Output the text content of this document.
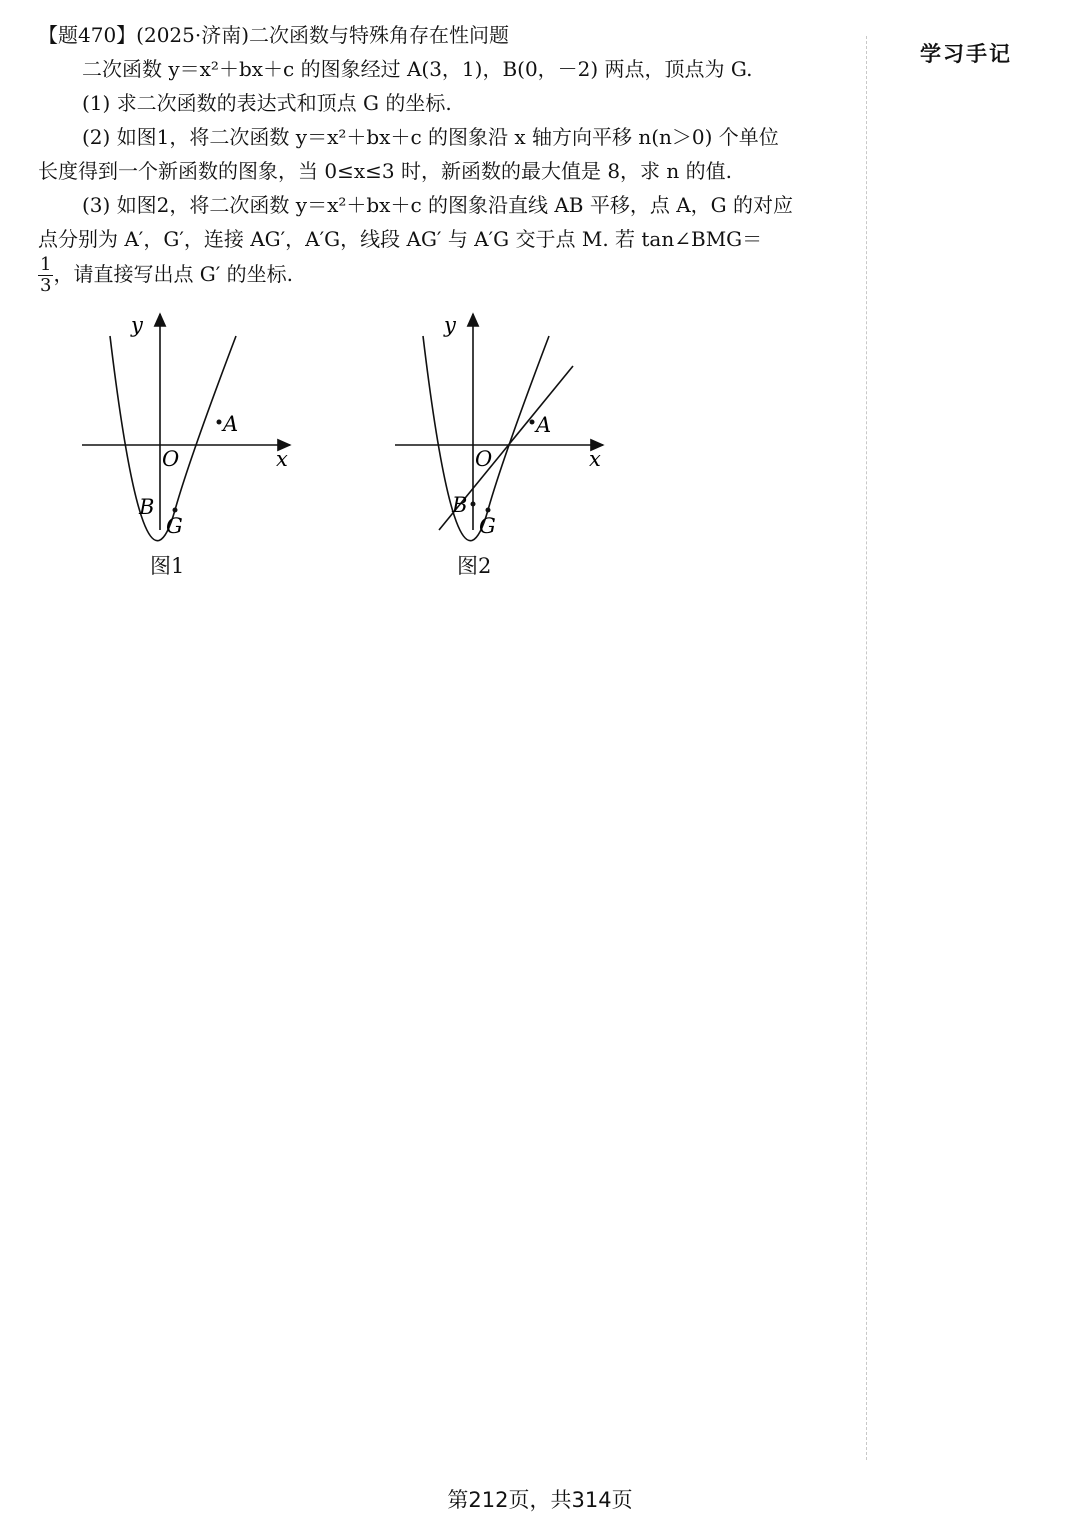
【题470】(2025·济南)二次函数与特殊角存在性问题
二次函数 y＝x²＋bx＋c 的图象经过 A(3，1)，B(0，－2) 两点，顶点为 G.
(1) 求二次函数的表达式和顶点 G 的坐标.
(2) 如图1，将二次函数 y＝x²＋bx＋c 的图象沿 x 轴方向平移 n(n＞0) 个单位
长度得到一个新函数的图象，当 0≤x≤3 时，新函数的最大值是 8，求 n 的值.
(3) 如图2，将二次函数 y＝x²＋bx＋c 的图象沿直线 AB 平移，点 A，G 的对应
点分别为 A′，G′，连接 AG′，A′G，线段 AG′ 与 A′G 交于点 M. 若 tan∠BMG＝
$\frac{1}{3}$ ，请直接写出点 G′ 的坐标.
y
x
O
A
B
G
图1
y
x
O
A
B
G
图2
学习手记
第212页，共314页
